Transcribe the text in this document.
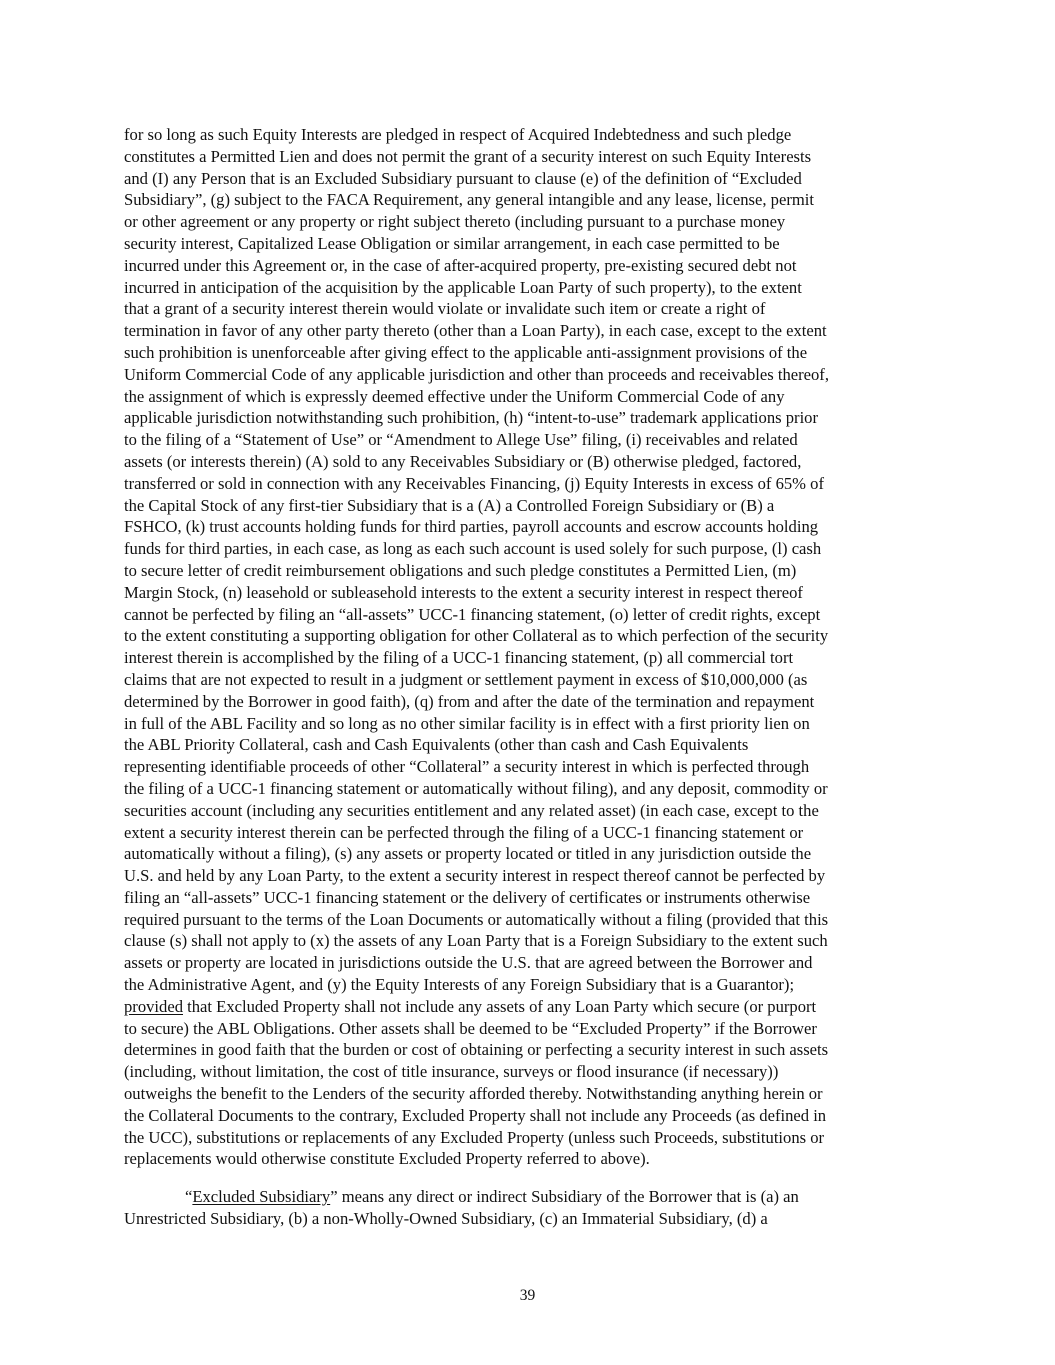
for so long as such Equity Interests are pledged in respect of Acquired Indebtedness and such pledge
constitutes a Permitted Lien and does not permit the grant of a security interest on such Equity Interests
and (I) any Person that is an Excluded Subsidiary pursuant to clause (e) of the definition of “Excluded
Subsidiary”, (g) subject to the FACA Requirement, any general intangible and any lease, license, permit
or other agreement or any property or right subject thereto (including pursuant to a purchase money
security interest, Capitalized Lease Obligation or similar arrangement, in each case permitted to be
incurred under this Agreement or, in the case of after-acquired property, pre-existing secured debt not
incurred in anticipation of the acquisition by the applicable Loan Party of such property), to the extent
that a grant of a security interest therein would violate or invalidate such item or create a right of
termination in favor of any other party thereto (other than a Loan Party), in each case, except to the extent
such prohibition is unenforceable after giving effect to the applicable anti-assignment provisions of the
Uniform Commercial Code of any applicable jurisdiction and other than proceeds and receivables thereof,
the assignment of which is expressly deemed effective under the Uniform Commercial Code of any
applicable jurisdiction notwithstanding such prohibition, (h) “intent-to-use” trademark applications prior
to the filing of a “Statement of Use” or “Amendment to Allege Use” filing, (i) receivables and related
assets (or interests therein) (A) sold to any Receivables Subsidiary or (B) otherwise pledged, factored,
transferred or sold in connection with any Receivables Financing, (j) Equity Interests in excess of 65% of
the Capital Stock of any first-tier Subsidiary that is a (A) a Controlled Foreign Subsidiary or (B) a
FSHCO, (k) trust accounts holding funds for third parties, payroll accounts and escrow accounts holding
funds for third parties, in each case, as long as each such account is used solely for such purpose, (l) cash
to secure letter of credit reimbursement obligations and such pledge constitutes a Permitted Lien, (m)
Margin Stock, (n) leasehold or subleasehold interests to the extent a security interest in respect thereof
cannot be perfected by filing an “all-assets” UCC-1 financing statement, (o) letter of credit rights, except
to the extent constituting a supporting obligation for other Collateral as to which perfection of the security
interest therein is accomplished by the filing of a UCC-1 financing statement, (p) all commercial tort
claims that are not expected to result in a judgment or settlement payment in excess of $10,000,000 (as
determined by the Borrower in good faith), (q) from and after the date of the termination and repayment
in full of the ABL Facility and so long as no other similar facility is in effect with a first priority lien on
the ABL Priority Collateral, cash and Cash Equivalents (other than cash and Cash Equivalents
representing identifiable proceeds of other “Collateral” a security interest in which is perfected through
the filing of a UCC-1 financing statement or automatically without filing), and any deposit, commodity or
securities account (including any securities entitlement and any related asset) (in each case, except to the
extent a security interest therein can be perfected through the filing of a UCC-1 financing statement or
automatically without a filing), (s) any assets or property located or titled in any jurisdiction outside the
U.S. and held by any Loan Party, to the extent a security interest in respect thereof cannot be perfected by
filing an “all-assets” UCC-1 financing statement or the delivery of certificates or instruments otherwise
required pursuant to the terms of the Loan Documents or automatically without a filing (provided that this
clause (s) shall not apply to (x) the assets of any Loan Party that is a Foreign Subsidiary to the extent such
assets or property are located in jurisdictions outside the U.S. that are agreed between the Borrower and
the Administrative Agent, and (y) the Equity Interests of any Foreign Subsidiary that is a Guarantor);
provided that Excluded Property shall not include any assets of any Loan Party which secure (or purport
to secure) the ABL Obligations. Other assets shall be deemed to be “Excluded Property” if the Borrower
determines in good faith that the burden or cost of obtaining or perfecting a security interest in such assets
(including, without limitation, the cost of title insurance, surveys or flood insurance (if necessary))
outweighs the benefit to the Lenders of the security afforded thereby. Notwithstanding anything herein or
the Collateral Documents to the contrary, Excluded Property shall not include any Proceeds (as defined in
the UCC), substitutions or replacements of any Excluded Property (unless such Proceeds, substitutions or
replacements would otherwise constitute Excluded Property referred to above).

“Excluded Subsidiary” means any direct or indirect Subsidiary of the Borrower that is (a) an
Unrestricted Subsidiary, (b) a non-Wholly-Owned Subsidiary, (c) an Immaterial Subsidiary, (d) a

39
